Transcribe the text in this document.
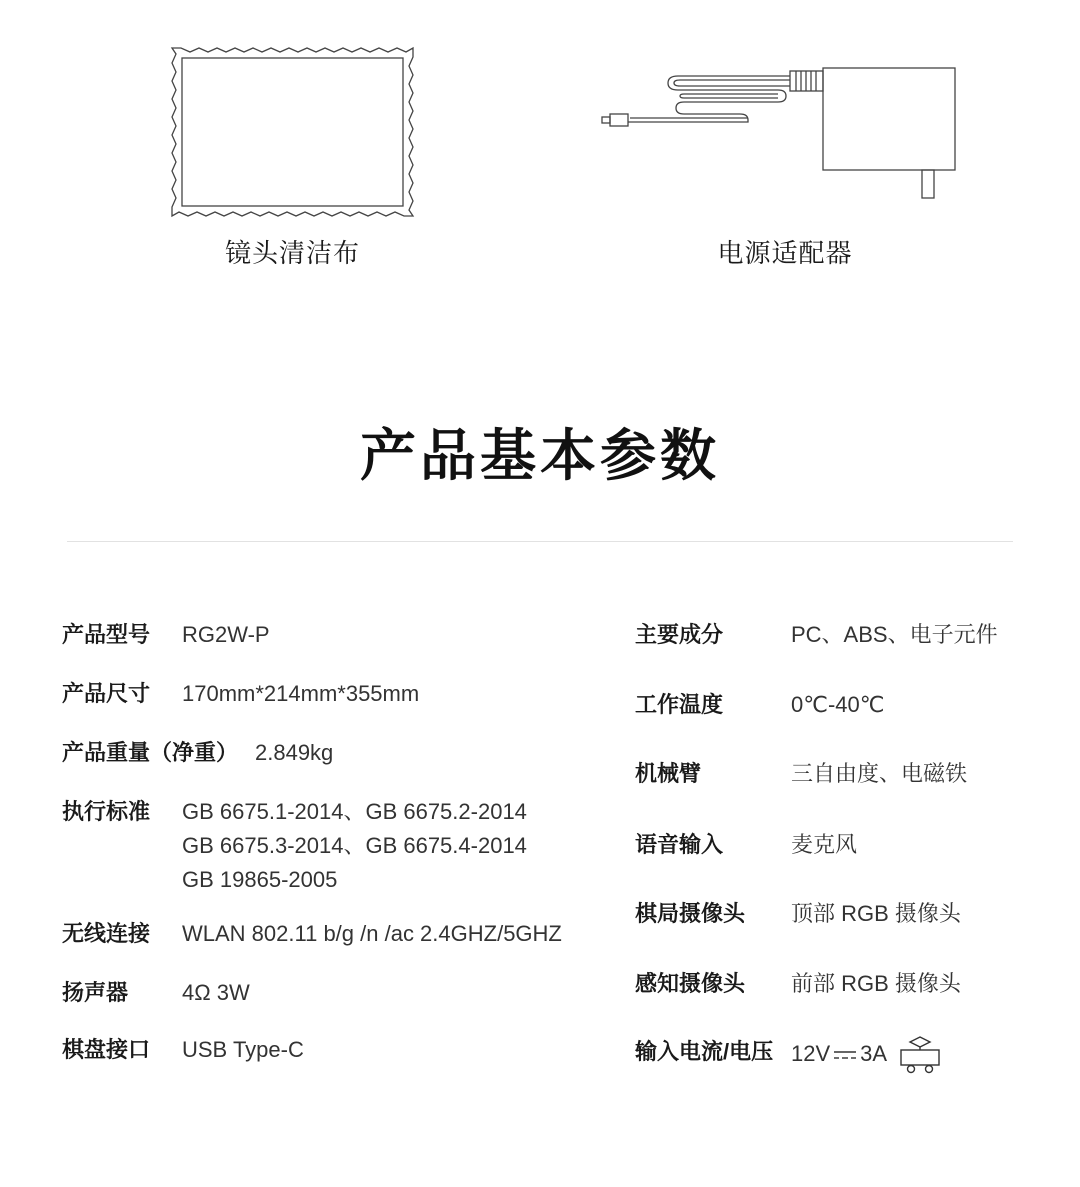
镜头清洁布	电源适配器
产品基本参数
产品型号 RG2W-P
产品尺寸 170mm*214mm*355mm
产品重量（净重） 2.849kg
执行标准 GB 6675.1-2014、GB 6675.2-2014
GB 6675.3-2014、GB 6675.4-2014
GB 19865-2005
无线连接 WLAN 802.11 b/g /n /ac 2.4GHZ/5GHZ
扬声器 4Ω 3W
棋盘接口 USB Type-C
主要成分	PC、ABS、电子元件
工作温度	0℃-40℃
机械臂	三自由度、电磁铁
语音输入	麦克风
棋局摄像头 顶部 RGB 摄像头
感知摄像头 前部 RGB 摄像头
输入电流/电压 12V 3A
